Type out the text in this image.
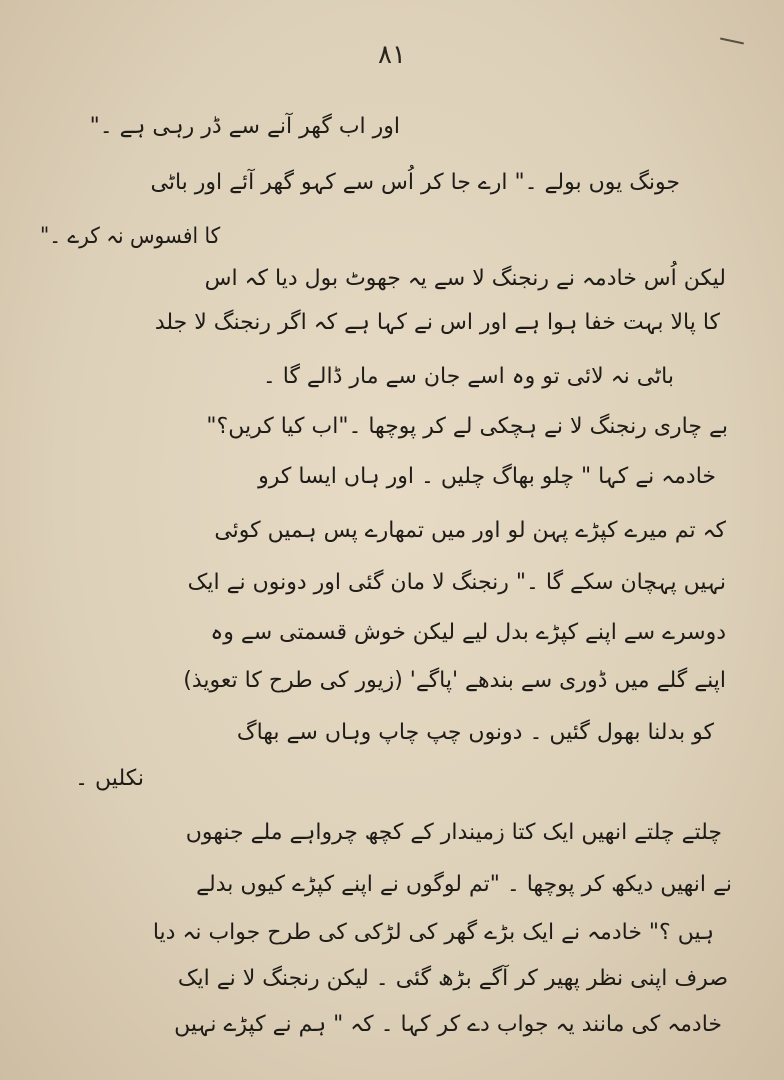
۸۱
اور اب گھر آنے سے ڈر رہی ہے ۔"
جونگ یوں بولے ۔" ارے جا کر اُس سے کہو گھر آئے اور باٹی
کا افسوس نہ کرے ۔"
لیکن اُس خادمہ نے رنجنگ لا سے یہ جھوٹ بول دیا کہ اس
کا پالا بہت خفا ہوا ہے اور اس نے کہا ہے کہ اگر رنجنگ لا جلد
باٹی نہ لائی تو وہ اسے جان سے مار ڈالے گا ۔
بے چاری رنجنگ لا نے ہچکی لے کر پوچھا ۔"اب کیا کریں؟"
خادمہ نے کہا " چلو بھاگ چلیں ۔ اور ہاں ایسا کرو
کہ تم میرے کپڑے پہن لو اور میں تمھارے پس ہمیں کوئی
نہیں پہچان سکے گا ۔" رنجنگ لا مان گئی اور دونوں نے ایک
دوسرے سے اپنے کپڑے بدل لیے لیکن خوش قسمتی سے وہ
اپنے گلے میں ڈوری سے بندھے 'پاگے' (زیور کی طرح کا تعویذ)
کو بدلنا بھول گئیں ۔ دونوں چپ چاپ وہاں سے بھاگ
نکلیں ۔
چلتے چلتے انھیں ایک کتا زمیندار کے کچھ چرواہے ملے جنھوں
نے انھیں دیکھ کر پوچھا ۔ "تم لوگوں نے اپنے کپڑے کیوں بدلے
ہیں ؟" خادمہ نے ایک بڑے گھر کی لڑکی کی طرح جواب نہ دیا
صرف اپنی نظر پھیر کر آگے بڑھ گئی ۔ لیکن رنجنگ لا نے ایک
خادمہ کی مانند یہ جواب دے کر کہا ۔ کہ " ہم نے کپڑے نہیں
